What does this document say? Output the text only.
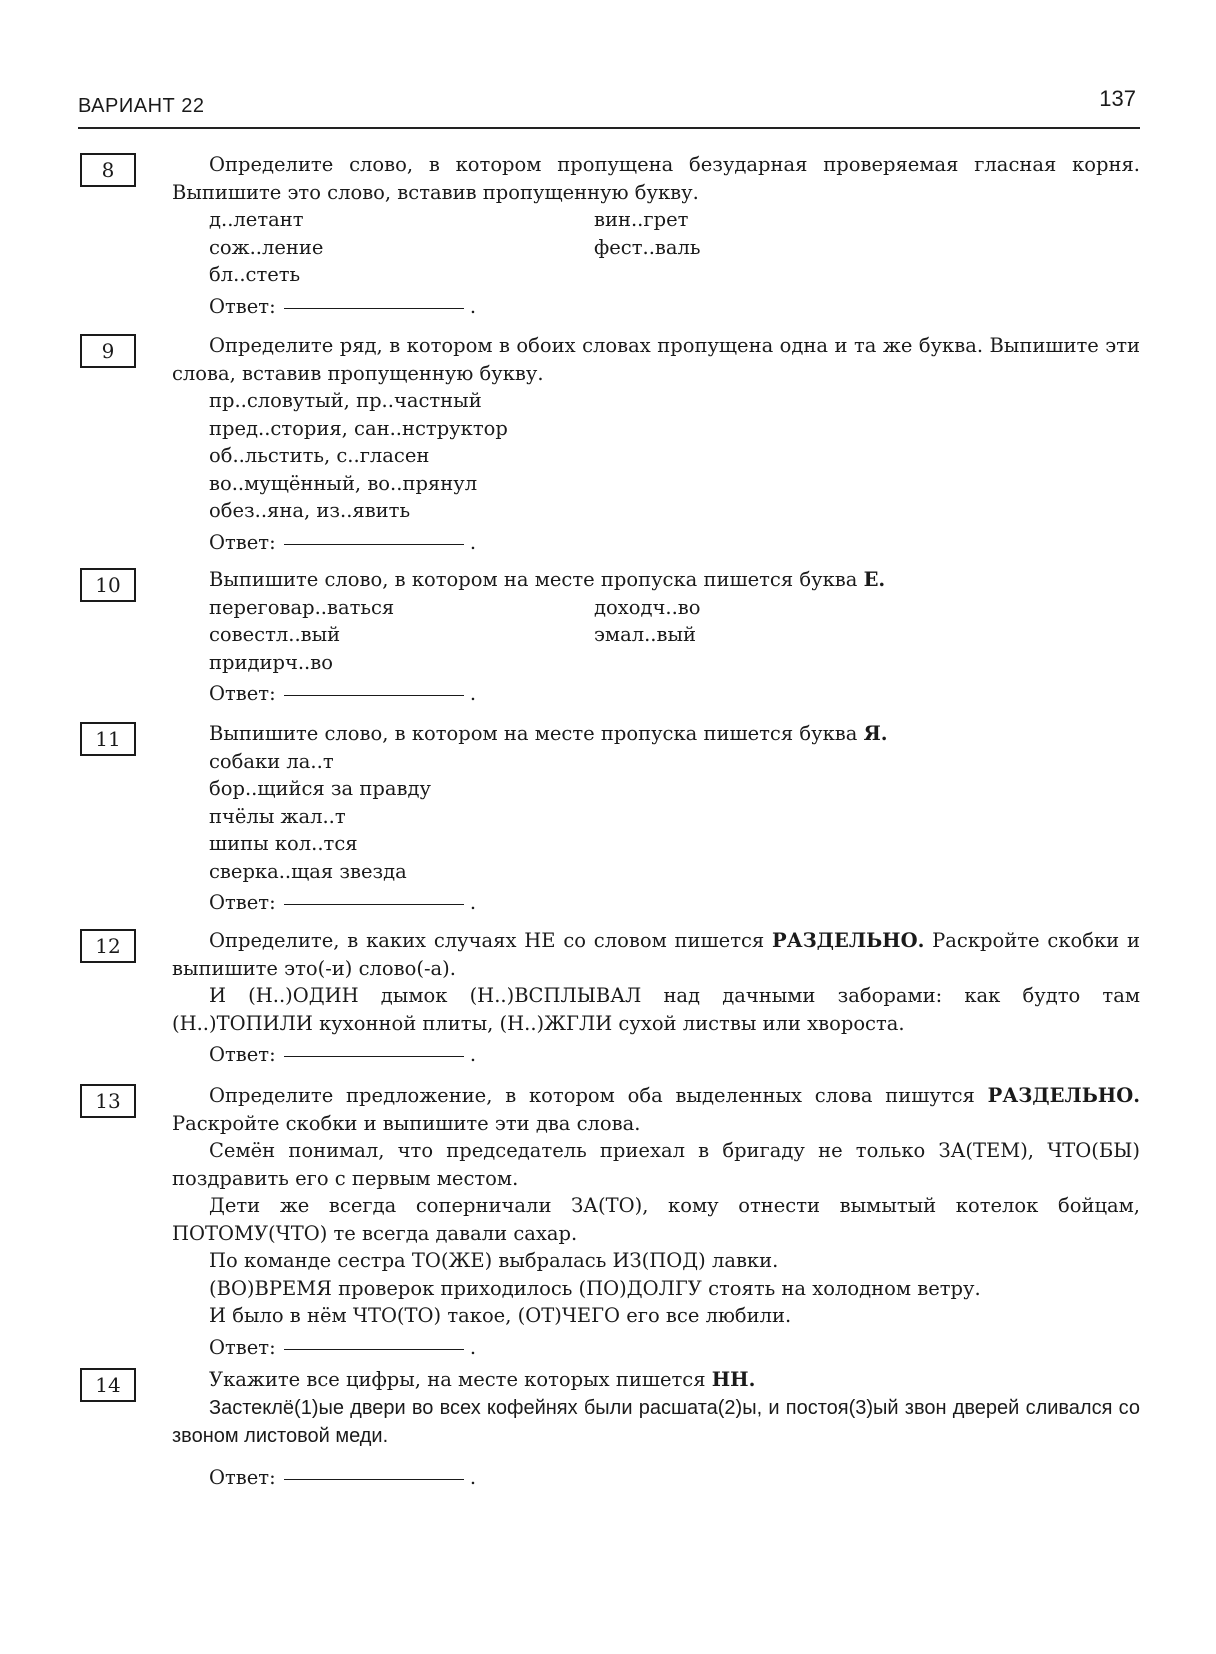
ВАРИАНТ 22	137
8	Определите слово, в котором пропущена безударная проверяемая гласная корня. Выпишите это слово, вставив пропущенную букву.

д..летант

сож..ление

бл..стеть

вин..грет

фест..валь

Ответ:	.

9	Определите ряд, в котором в обоих словах пропущена одна и та же буква. Выпишите эти слова, вставив пропущенную букву.

пр..словутый, пр..частный

пред..стория, сан..нструктор

об..льстить, с..гласен

во..мущённый, во..прянул

обез..яна, из..явить

Ответ:	.

10	Выпишите слово, в котором на месте пропуска пишется буква Е.

переговар..ваться

совестл..вый

придирч..во

доходч..во

эмал..вый

Ответ:	.

11	Выпишите слово, в котором на месте пропуска пишется буква Я.

собаки ла..т

бор..щийся за правду

пчёлы жал..т

шипы кол..тся

сверка..щая звезда

Ответ:	.

12	Определите, в каких случаях НЕ со словом пишется РАЗДЕЛЬНО. Раскройте скобки и выпишите это(-и) слово(-а).

И (Н..)ОДИН дымок (Н..)ВСПЛЫВАЛ над дачными заборами: как будто там (Н..)ТОПИЛИ кухонной плиты, (Н..)ЖГЛИ сухой листвы или хвороста.

Ответ:	.

13	Определите предложение, в котором оба выделенных слова пишутся РАЗДЕЛЬНО. Раскройте скобки и выпишите эти два слова.

Семён понимал, что председатель приехал в бригаду не только ЗА(ТЕМ), ЧТО(БЫ) поздравить его с первым местом.

Дети же всегда соперничали ЗА(ТО), кому отнести вымытый котелок бойцам, ПОТОМУ(ЧТО) те всегда давали сахар.

По команде сестра ТО(ЖЕ) выбралась ИЗ(ПОД) лавки.

(ВО)ВРЕМЯ проверок приходилось (ПО)ДОЛГУ стоять на холодном ветру.

И было в нём ЧТО(ТО) такое, (ОТ)ЧЕГО его все любили.

Ответ:	.

14	Укажите все цифры, на месте которых пишется НН.

Застеклё(1)ые двери во всех кофейнях были расшата(2)ы, и постоя(3)ый звон дверей сливался со звоном листовой меди.

Ответ:	.
